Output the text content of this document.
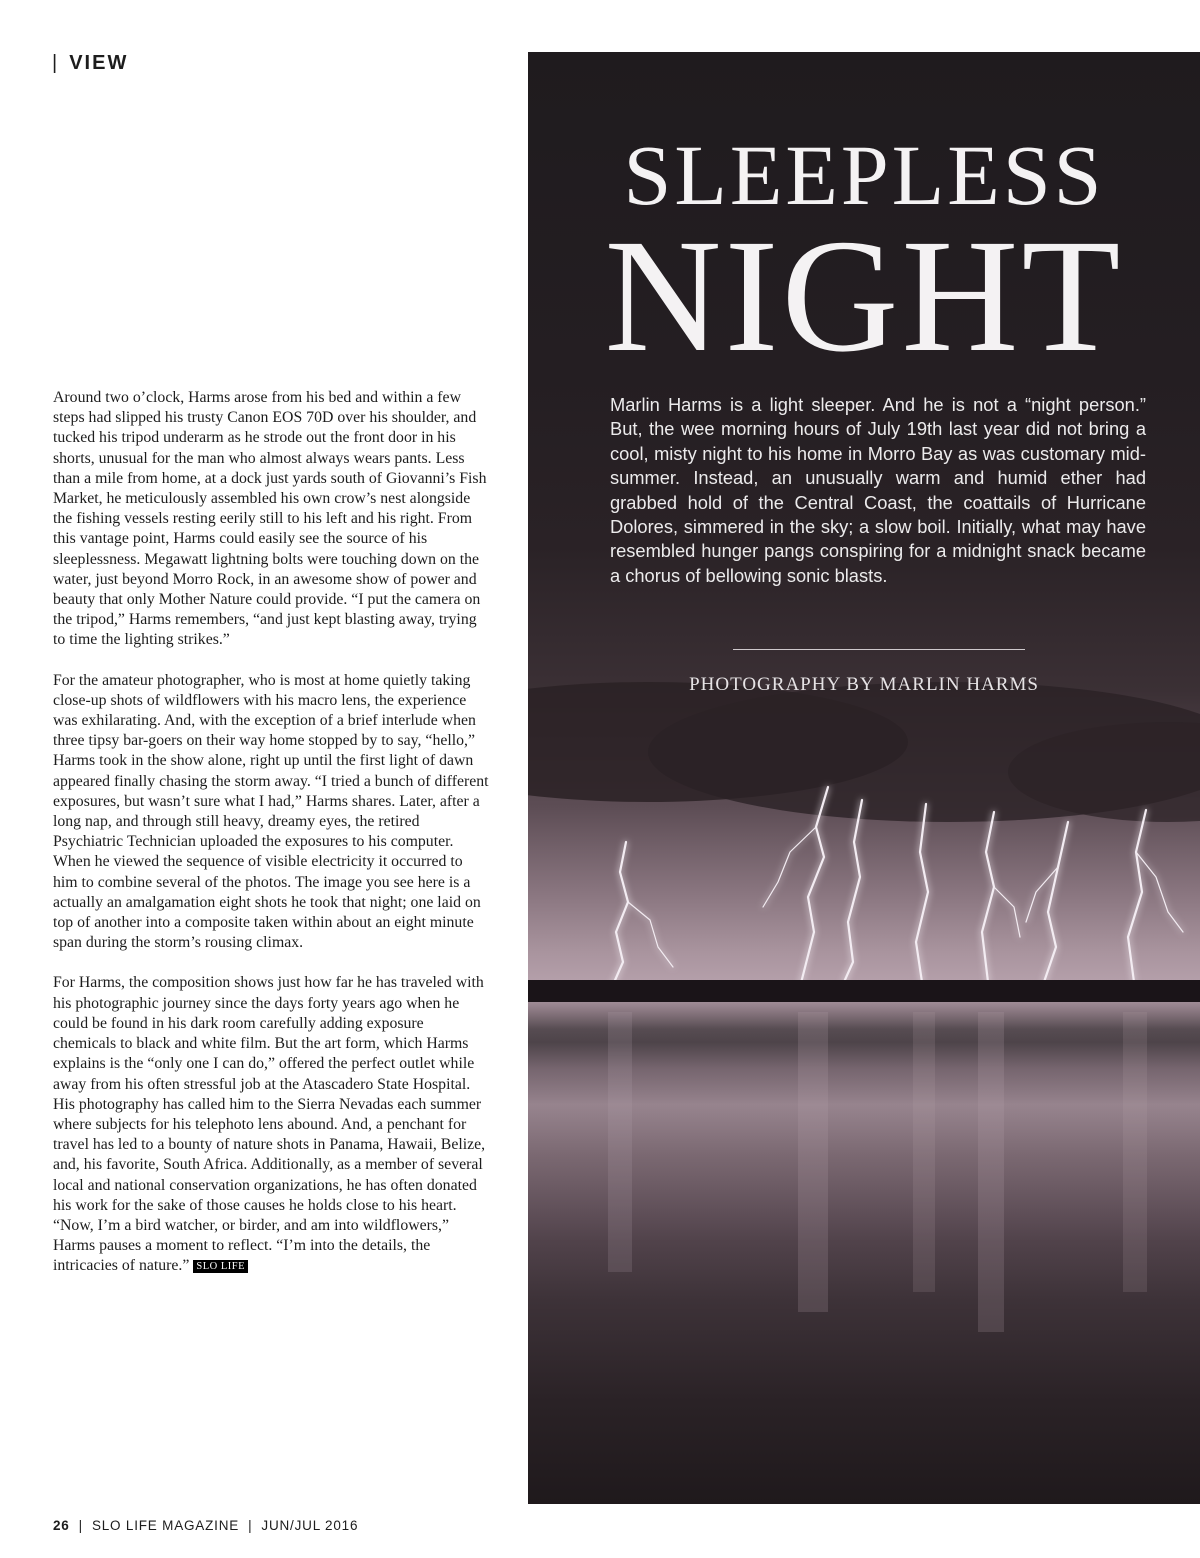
| VIEW

Around two o’clock, Harms arose from his bed and within a few steps had slipped his trusty Canon EOS 70D over his shoulder, and tucked his tripod underarm as he strode out the front door in his shorts, unusual for the man who almost always wears pants. Less than a mile from home, at a dock just yards south of Giovanni’s Fish Market, he meticulously assembled his own crow’s nest alongside the fishing vessels resting eerily still to his left and his right. From this vantage point, Harms could easily see the source of his sleeplessness. Megawatt lightning bolts were touching down on the water, just beyond Morro Rock, in an awesome show of power and beauty that only Mother Nature could provide. “I put the camera on the tripod,” Harms remembers, “and just kept blasting away, trying to time the lighting strikes.”

For the amateur photographer, who is most at home quietly taking close-up shots of wildflowers with his macro lens, the experience was exhilarating. And, with the exception of a brief interlude when three tipsy bar-goers on their way home stopped by to say, “hello,” Harms took in the show alone, right up until the first light of dawn appeared finally chasing the storm away. “I tried a bunch of different exposures, but wasn’t sure what I had,” Harms shares. Later, after a long nap, and through still heavy, dreamy eyes, the retired Psychiatric Technician uploaded the exposures to his computer. When he viewed the sequence of visible electricity it occurred to him to combine several of the photos. The image you see here is a actually an amalgamation eight shots he took that night; one laid on top of another into a composite taken within about an eight minute span during the storm’s rousing climax.

For Harms, the composition shows just how far he has traveled with his photographic journey since the days forty years ago when he could be found in his dark room carefully adding exposure chemicals to black and white film. But the art form, which Harms explains is the “only one I can do,” offered the perfect outlet while away from his often stressful job at the Atascadero State Hospital. His photography has called him to the Sierra Nevadas each summer where subjects for his telephoto lens abound. And, a penchant for travel has led to a bounty of nature shots in Panama, Hawaii, Belize, and, his favorite, South Africa. Additionally, as a member of several local and national conservation organizations, he has often donated his work for the sake of those causes he holds close to his heart. “Now, I’m a bird watcher, or birder, and am into wildflowers,” Harms pauses a moment to reflect. “I’m into the details, the intricacies of nature.” SLO LIFE

26 | SLO LIFE MAGAZINE | JUN/JUL 2016
SLEEPLESS
NIGHT

Marlin Harms is a light sleeper. And he is not a “night person.” But, the wee morning hours of July 19th last year did not bring a cool, misty night to his home in Morro Bay as was customary mid-summer. Instead, an unusually warm and humid ether had grabbed hold of the Central Coast, the coattails of Hurricane Dolores, simmered in the sky; a slow boil. Initially, what may have resembled hunger pangs conspiring for a midnight snack became a chorus of bellowing sonic blasts.

PHOTOGRAPHY BY MARLIN HARMS
